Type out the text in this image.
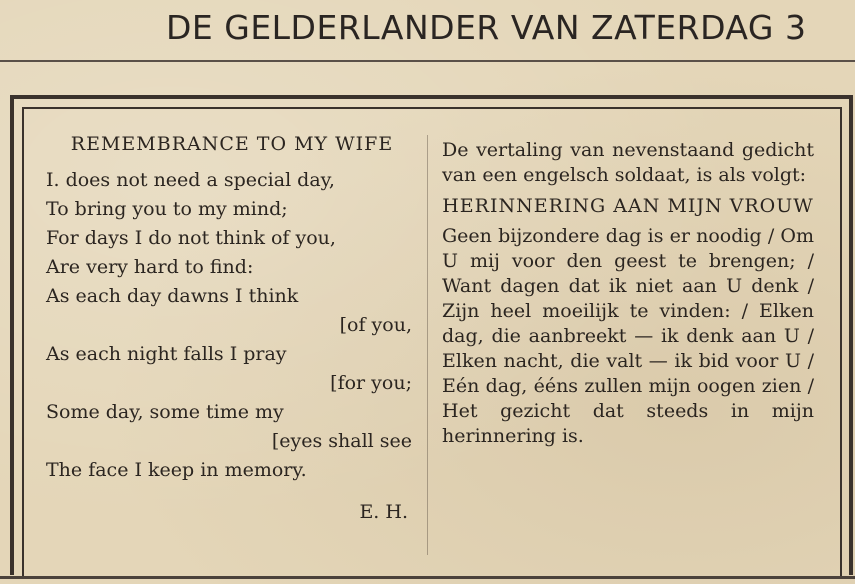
DE GELDERLANDER VAN ZATERDAG 3
REMEMBRANCE TO MY WIFE
I. does not need a special day,
To bring you to my mind;
For days I do not think of you,
Are very hard to find:
As each day dawns I think
[of you,
As each night falls I pray
[for you;
Some day, some time my
[eyes shall see
The face I keep in memory.
E. H.
De vertaling van nevenstaand gedicht van een engelsch soldaat, is als volgt:
HERINNERING AAN MIJN VROUW
Geen bijzondere dag is er noodig / Om U mij voor den geest te brengen; / Want dagen dat ik niet aan U denk / Zijn heel moeilijk te vinden: / Elken dag, die aanbreekt — ik denk aan U / Elken nacht, die valt — ik bid voor U / Eén dag, ééns zullen mijn oogen zien / Het gezicht dat steeds in mijn herinnering is.
